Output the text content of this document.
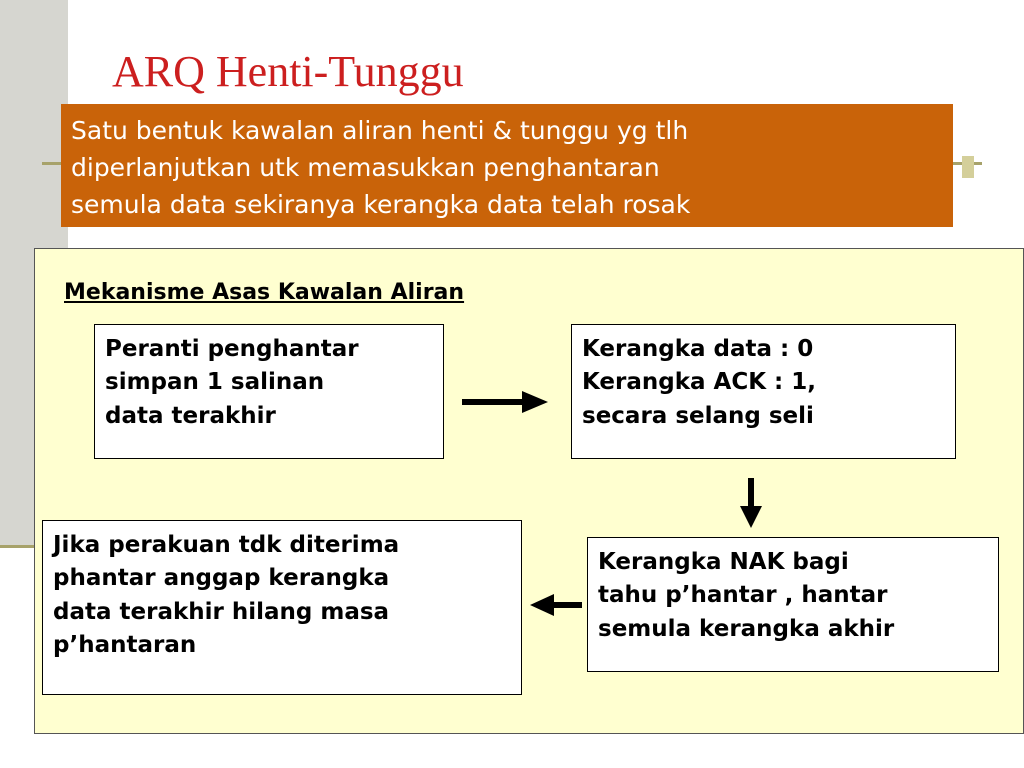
ARQ Henti-Tunggu
Satu bentuk kawalan aliran henti & tunggu yg tlh
diperlanjutkan utk memasukkan penghantaran
semula data sekiranya kerangka data telah rosak
Mekanisme Asas Kawalan Aliran
Peranti penghantar
simpan 1 salinan
data terakhir
Kerangka data : 0
Kerangka ACK : 1,
secara selang seli
Kerangka NAK bagi
tahu p’hantar , hantar
semula kerangka akhir
Jika perakuan tdk diterima
phantar anggap kerangka
data terakhir hilang masa
p’hantaran
